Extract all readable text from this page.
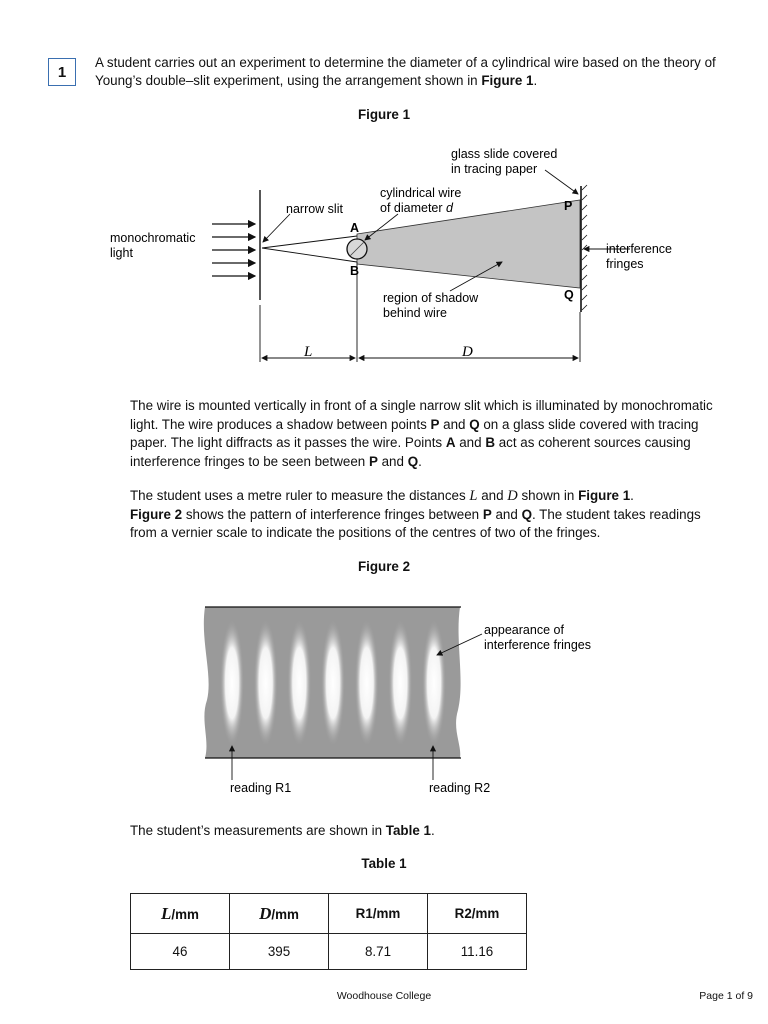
1
A student carries out an experiment to determine the diameter of a cylindrical wire based on the theory of Young’s double–slit experiment, using the arrangement shown in Figure 1.
Figure 1
glass slide covered
in tracing paper
cylindrical wire
of diameter d
narrow slit
monochromatic
light
A
B
P
Q
interference
fringes
region of shadow
behind wire
L	D
The wire is mounted vertically in front of a single narrow slit which is illuminated by monochromatic light. The wire produces a shadow between points P and Q on a glass slide covered with tracing paper. The light diffracts as it passes the wire. Points A and B act as coherent sources causing interference fringes to be seen between P and Q.
The student uses a metre ruler to measure the distances L and D shown in Figure 1.
Figure 2 shows the pattern of interference fringes between P and Q. The student takes readings from a vernier scale to indicate the positions of the centres of two of the fringes.
Figure 2
appearance of
interference fringes
reading R1	reading R2
The student’s measurements are shown in Table 1.
Table 1
L/mm	D/mm	R1/mm	R2/mm
46	395	8.71	11.16
Woodhouse College	Page 1 of 9
